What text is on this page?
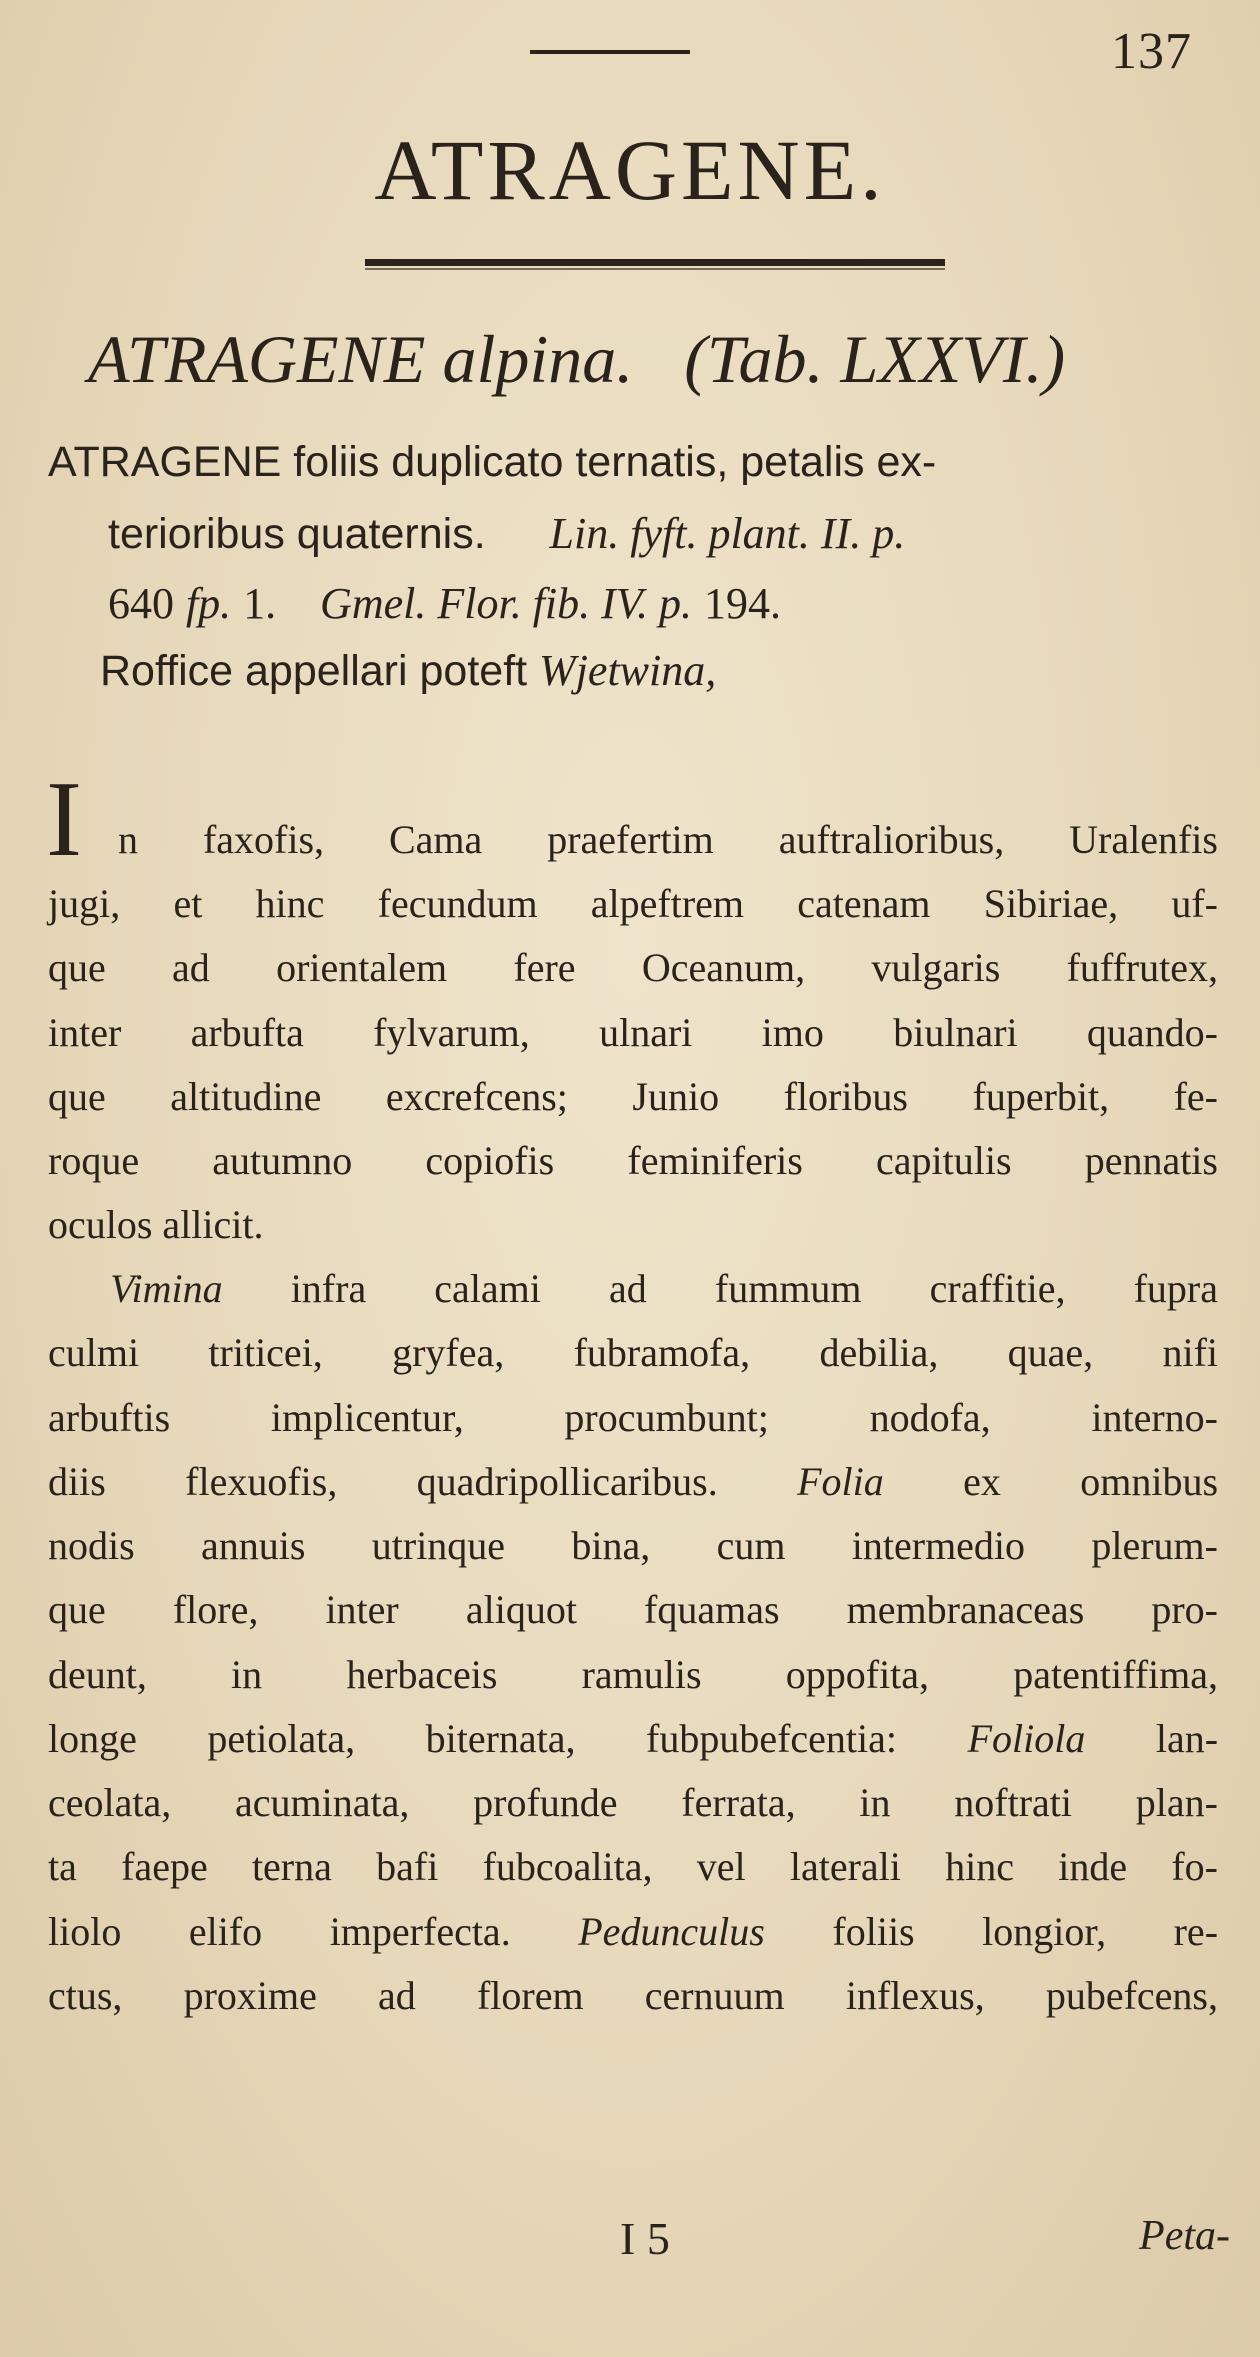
137
ATRAGENE.
ATRAGENE alpina. (Tab. LXXVI.)
ATRAGENE foliis duplicato ternatis, petalis ex-
terioribus quaternis. Lin. fyft. plant. II. p.
640 fp. 1. Gmel. Flor. fib. IV. p. 194.
Roffice appellari poteft Wjetwina,
I n faxofis, Cama praefertim auftralioribus, Uralenfis
jugi, et hinc fecundum alpeftrem catenam Sibiriae, uf-
que ad orientalem fere Oceanum, vulgaris fuffrutex,
inter arbufta fylvarum, ulnari imo biulnari quando-
que altitudine excrefcens; Junio floribus fuperbit, fe-
roque autumno copiofis feminiferis capitulis pennatis
oculos allicit.
Vimina infra calami ad fummum craffitie, fupra
culmi triticei, gryfea, fubramofa, debilia, quae, nifi
arbuftis implicentur, procumbunt; nodofa, interno-
diis flexuofis, quadripollicaribus. Folia ex omnibus
nodis annuis utrinque bina, cum intermedio plerum-
que flore, inter aliquot fquamas membranaceas pro-
deunt, in herbaceis ramulis oppofita, patentiffima,
longe petiolata, biternata, fubpubefcentia: Foliola lan-
ceolata, acuminata, profunde ferrata, in noftrati plan-
ta faepe terna bafi fubcoalita, vel laterali hinc inde fo-
liolo elifo imperfecta. Pedunculus foliis longior, re-
ctus, proxime ad florem cernuum inflexus, pubefcens,
I 5	Peta-
